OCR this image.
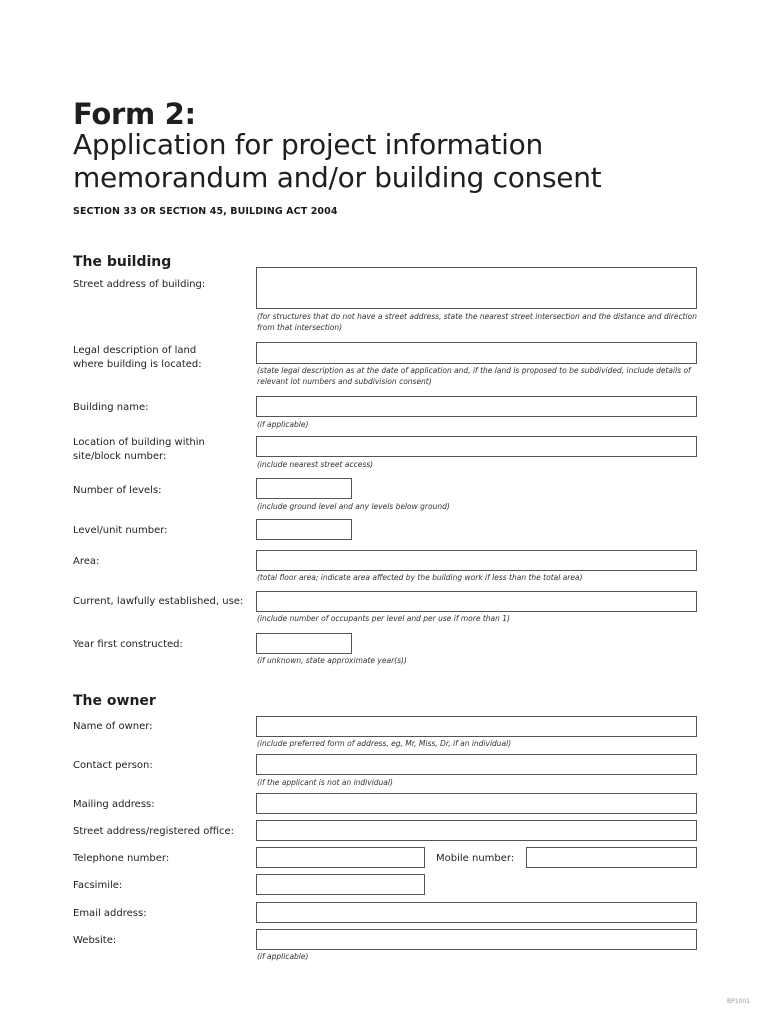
Form 2:
Application for project information
memorandum and/or building consent
SECTION 33 OR SECTION 45, BUILDING ACT 2004
The building
Street address of building:
(for structures that do not have a street address, state the nearest street intersection and the distance and direction from that intersection)
Legal description of land
where building is located:
(state legal description as at the date of application and, if the land is proposed to be subdivided, include details of relevant lot numbers and subdivision consent)
Building name:
(if applicable)
Location of building within
site/block number:
(include nearest street access)
Number of levels:
(include ground level and any levels below ground)
Level/unit number:
Area:
(total floor area; indicate area affected by the building work if less than the total area)
Current, lawfully established, use:
(include number of occupants per level and per use if more than 1)
Year first constructed:
(if unknown, state approximate year(s))
The owner
Name of owner:
(include preferred form of address, eg, Mr, Miss, Dr, if an individual)
Contact person:
(if the applicant is not an individual)
Mailing address:
Street address/registered office:
Telephone number:	Mobile number:
Facsimile:
Email address:
Website:
(if applicable)
BP1001
